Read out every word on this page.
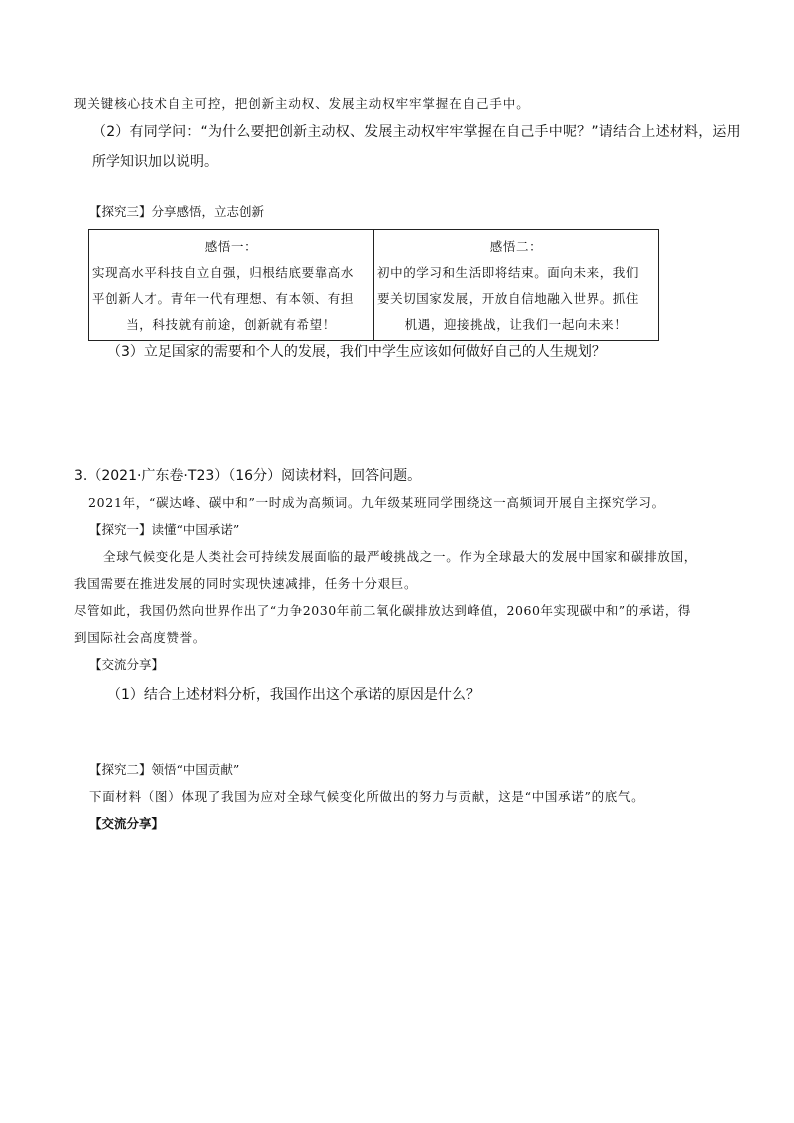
现关键核心技术自主可控，把创新主动权、发展主动权牢牢掌握在自己手中。
（2）有同学问：“为什么要把创新主动权、发展主动权牢牢掌握在自己手中呢？”请结合上述材料，运用
所学知识加以说明。
【探究三】分享感悟，立志创新
感悟一：
实现高水平科技自立自强，归根结底要靠高水
平创新人才。青年一代有理想、有本领、有担
当，科技就有前途，创新就有希望！

感悟二：
初中的学习和生活即将结束。面向未来，我们
要关切国家发展，开放自信地融入世界。抓住
机遇，迎接挑战，让我们一起向未来！
（3）立足国家的需要和个人的发展，我们中学生应该如何做好自己的人生规划？
3.（2021·广东卷·T23）（16分）阅读材料，回答问题。
2021年，“碳达峰、碳中和”一时成为高频词。九年级某班同学围绕这一高频词开展自主探究学习。
【探究一】读懂“中国承诺”
全球气候变化是人类社会可持续发展面临的最严峻挑战之一。作为全球最大的发展中国家和碳排放国，
我国需要在推进发展的同时实现快速减排，任务十分艰巨。
尽管如此，我国仍然向世界作出了“力争2030年前二氧化碳排放达到峰值，2060年实现碳中和”的承诺，得
到国际社会高度赞誉。
【交流分享】
（1）结合上述材料分析，我国作出这个承诺的原因是什么？
【探究二】领悟“中国贡献”
下面材料（图）体现了我国为应对全球气候变化所做出的努力与贡献，这是“中国承诺”的底气。
【交流分享】
